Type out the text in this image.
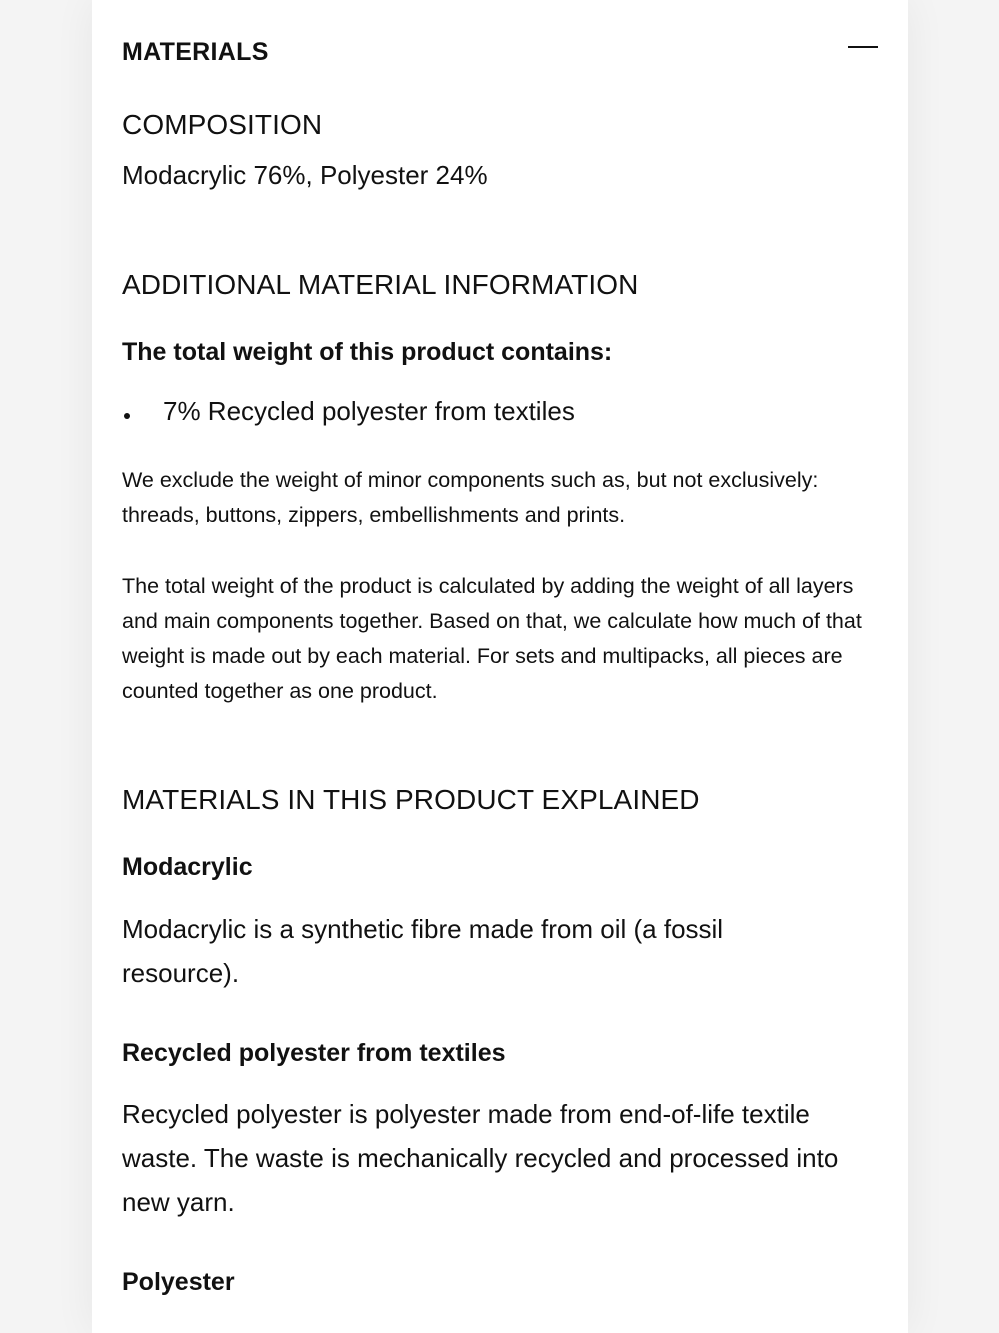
MATERIALS
COMPOSITION
Modacrylic 76%, Polyester 24%
ADDITIONAL MATERIAL INFORMATION
The total weight of this product contains:
7% Recycled polyester from textiles
We exclude the weight of minor components such as, but not exclusively: threads, buttons, zippers, embellishments and prints.
The total weight of the product is calculated by adding the weight of all layers and main components together. Based on that, we calculate how much of that weight is made out by each material. For sets and multipacks, all pieces are counted together as one product.
MATERIALS IN THIS PRODUCT EXPLAINED
Modacrylic
Modacrylic is a synthetic fibre made from oil (a fossil resource).
Recycled polyester from textiles
Recycled polyester is polyester made from end-of-life textile waste. The waste is mechanically recycled and processed into new yarn.
Polyester
